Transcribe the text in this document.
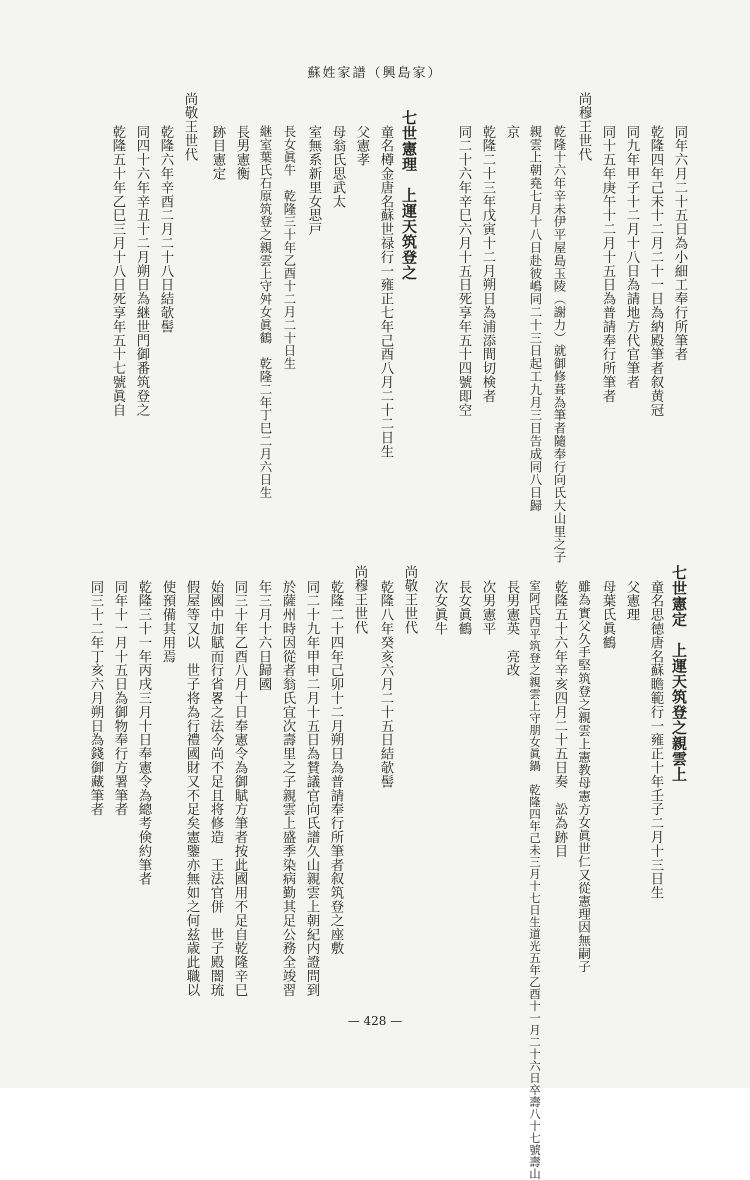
蘇姓家譜（興島家）
同年六月二十五日為小細工奉行所筆者
乾隆四年己未十二月二十一日為納殿筆者叙黄冠
同九年甲子十二月十八日為請地方代官筆者
同十五年庚午十二月十五日為普請奉行所筆者
尚穆王世代
乾隆十六年辛未伊平屋島玉陵（謝力）就御修葺為筆者隨奉行向氏大山里之子
親雲上朝堯七月十八日赴彼嶋同二十三日起工九月三日告成同八日歸
京
乾隆二十三年戊寅十二月朔日為浦添間切検者
同二十六年辛巳六月十五日死享年五十四號即空
七世憲理　上運天筑登之
童名樽金唐名蘇世禄行一雍正七年己酉八月二十二日生
父憲孝
母翁氏思武太
室無系新里女思戸
長女眞牛　乾隆三十年乙酉十二月二十日生
継室葉氏石原筑登之親雲上守舛女眞鶴　乾隆二年丁巳二月六日生
長男憲衡
跡目憲定
尚敬王世代
乾隆六年辛酉二月二十八日結欹髻
同四十六年辛丑十二月朔日為継世門御番筑登之
乾隆五十年乙巳三月十八日死享年五十七號眞自
七世憲定　上運天筑登之親雲上
童名思徳唐名蘇瞻範行一雍正十年壬子二月十三日生
父憲理
母葉氏眞鶴
雖為實父久手堅筑登之親雲上憲教母憲方女眞世仁又從憲理因無嗣子
乾隆五十六年辛亥四月二十五日奏　訟為跡目
室阿氏西平筑登之親雲上守朋女眞鍋　乾隆四年己未三月十七日生道光五年乙酉十一月二十六日卒壽八十七號壽山
長男憲英　亮改
次男憲平
長女眞鶴
次女眞牛
尚敬王世代
乾隆八年癸亥六月二十五日結欹髻
尚穆王世代
乾隆二十四年己卯十二月朔日為普請奉行所筆者叙筑登之座敷
同二十九年甲申二月十五日為賛議官向氏譜久山親雲上朝紀内證問到
於薩州時因從者翁氏宜次壽里之子親雲上盛季染病勤其足公務全竣習
年三月十六日歸國
同三十年乙酉八月十日奉憲令為御賦方筆者按此國用不足自乾隆辛巳
始國中加賦而行省畧之法今尚不足且将修造　王法官併　世子殿闇琉
假屋等又以　世子将為行禮國財又不足矣憲鑒亦無如之何兹歳此職以
使預備其用焉
乾隆三十一年丙戌三月十日奉憲令為總考倹約筆者
同年十一月十五日為御物奉行方署筆者
同三十二年丁亥六月朔日為錢御藏筆者
— 428 —
